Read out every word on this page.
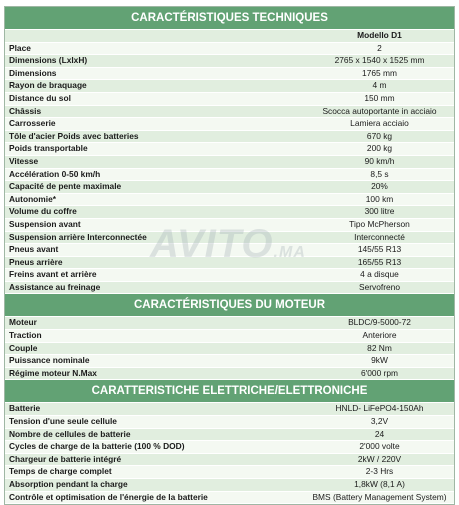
CARACTÉRISTIQUES TECHNIQUES
Modello D1
Place	2
Dimensions (LxlxH)	2765 x 1540 x 1525 mm
Dimensions	1765 mm
Rayon de braquage	4 m
Distance du sol	150 mm
Châssis	Scocca autoportante in acciaio
Carrosserie	Lamiera acciaio
Tôle d'acier Poids avec batteries	670 kg
Poids transportable	200 kg
Vitesse	90 km/h
Accélération 0-50 km/h	8,5 s
Capacité de pente maximale	20%
Autonomie*	100 km
Volume du coffre	300 litre
Suspension avant	Tipo McPherson
Suspension arrière Interconnectée	Interconnecté
Pneus avant	145/55 R13
Pneus arrière	165/55 R13
Freins avant et arrière	4 a disque
Assistance au freinage	Servofreno
CARACTÉRISTIQUES DU MOTEUR
Moteur	BLDC/9-5000-72
Traction	Anteriore
Couple	82 Nm
Puissance nominale	9kW
Régime moteur N.Max	6'000 rpm
CARATTERISTICHE ELETTRICHE/ELETTRONICHE
Batterie	HNLD- LiFePO4-150Ah
Tension d'une seule cellule	3,2V
Nombre de cellules de batterie	24
Cycles de charge de la batterie (100 % DOD)	2'000 volte
Chargeur de batterie intégré	2kW / 220V
Temps de charge complet	2-3 Hrs
Absorption pendant la charge	1,8kW (8,1 A)
Contrôle et optimisation de l'énergie de la batterie	BMS (Battery Management System)
AVITO.MA
